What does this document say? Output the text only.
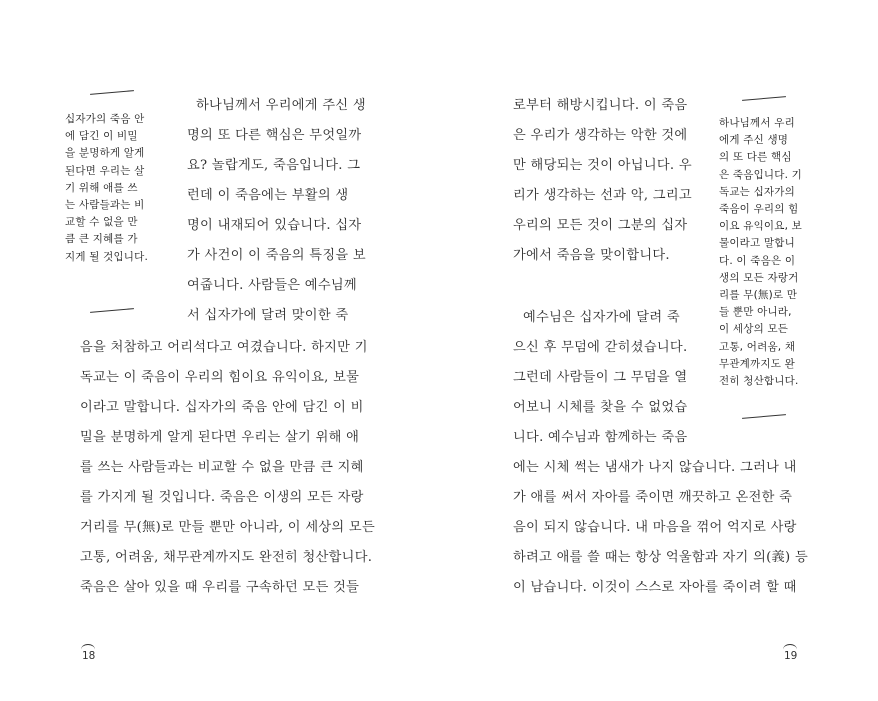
십자가의 죽음 안
에 담긴 이 비밀
을 분명하게 알게
된다면 우리는 살
기 위해 애를 쓰
는 사람들과는 비
교할 수 없을 만
큼 큰 지혜를 가
지게 될 것입니다.
하나님께서 우리에게 주신 생
명의 또 다른 핵심은 무엇일까
요? 놀랍게도, 죽음입니다. 그
런데 이 죽음에는 부활의 생
명이 내재되어 있습니다. 십자
가 사건이 이 죽음의 특징을 보
여줍니다. 사람들은 예수님께
서 십자가에 달려 맞이한 죽
음을 처참하고 어리석다고 여겼습니다. 하지만 기
독교는 이 죽음이 우리의 힘이요 유익이요, 보물
이라고 말합니다. 십자가의 죽음 안에 담긴 이 비
밀을 분명하게 알게 된다면 우리는 살기 위해 애
를 쓰는 사람들과는 비교할 수 없을 만큼 큰 지혜
를 가지게 될 것입니다. 죽음은 이생의 모든 자랑
거리를 무(無)로 만들 뿐만 아니라, 이 세상의 모든
고통, 어려움, 채무관계까지도 완전히 청산합니다.
죽음은 살아 있을 때 우리를 구속하던 모든 것들
18
로부터 해방시킵니다. 이 죽음
은 우리가 생각하는 악한 것에
만 해당되는 것이 아닙니다. 우
리가 생각하는 선과 악, 그리고
우리의 모든 것이 그분의 십자
가에서 죽음을 맞이합니다.
예수님은 십자가에 달려 죽
으신 후 무덤에 갇히셨습니다.
그런데 사람들이 그 무덤을 열
어보니 시체를 찾을 수 없었습
니다. 예수님과 함께하는 죽음
에는 시체 썩는 냄새가 나지 않습니다. 그러나 내
가 애를 써서 자아를 죽이면 깨끗하고 온전한 죽
음이 되지 않습니다. 내 마음을 꺾어 억지로 사랑
하려고 애를 쓸 때는 항상 억울함과 자기 의(義) 등
이 남습니다. 이것이 스스로 자아를 죽이려 할 때
하나님께서 우리
에게 주신 생명
의 또 다른 핵심
은 죽음입니다. 기
독교는 십자가의
죽음이 우리의 힘
이요 유익이요, 보
물이라고 말합니
다. 이 죽음은 이
생의 모든 자랑거
리를 무(無)로 만
들 뿐만 아니라,
이 세상의 모든
고통, 어려움, 채
무관계까지도 완
전히 청산합니다.
19
